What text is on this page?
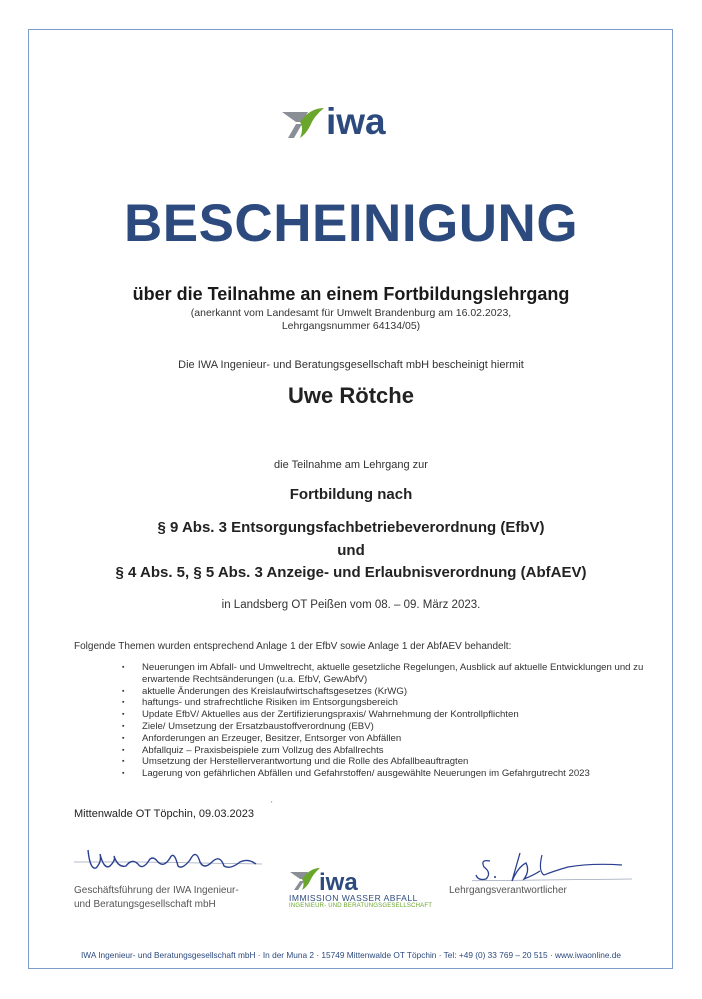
iwa
BESCHEINIGUNG
über die Teilnahme an einem Fortbildungslehrgang
(anerkannt vom Landesamt für Umwelt Brandenburg am 16.02.2023,
Lehrgangsnummer 64134/05)
Die IWA Ingenieur- und Beratungsgesellschaft mbH bescheinigt hiermit
Uwe Rötche
die Teilnahme am Lehrgang zur
Fortbildung nach
§ 9 Abs. 3 Entsorgungsfachbetriebeverordnung (EfbV)
und
§ 4 Abs. 5, § 5 Abs. 3 Anzeige- und Erlaubnisverordnung (AbfAEV)
in Landsberg OT Peißen vom 08. – 09. März 2023.
Folgende Themen wurden entsprechend Anlage 1 der EfbV sowie Anlage 1 der AbfAEV behandelt:
▪ Neuerungen im Abfall- und Umweltrecht, aktuelle gesetzliche Regelungen, Ausblick auf aktuelle Entwicklungen und zu erwartende Rechtsänderungen (u.a. EfbV, GewAbfV)
▪ aktuelle Änderungen des Kreislaufwirtschaftsgesetzes (KrWG)
▪ haftungs- und strafrechtliche Risiken im Entsorgungsbereich
▪ Update EfbV/ Aktuelles aus der Zertifizierungspraxis/ Wahrnehmung der Kontrollpflichten
▪ Ziele/ Umsetzung der Ersatzbaustoffverordnung (EBV)
▪ Anforderungen an Erzeuger, Besitzer, Entsorger von Abfällen
▪ Abfallquiz – Praxisbeispiele zum Vollzug des Abfallrechts
▪ Umsetzung der Herstellerverantwortung und die Rolle des Abfallbeauftragten
▪ Lagerung von gefährlichen Abfällen und Gefahrstoffen/ ausgewählte Neuerungen im Gefahrgutrecht 2023
Mittenwalde OT Töpchin, 09.03.2023
'
Geschäftsführung der IWA Ingenieur-
und Beratungsgesellschaft mbH
iwa
IMMISSION WASSER ABFALL
INGENIEUR- UND BERATUNGSGESELLSCHAFT
Lehrgangsverantwortlicher
IWA Ingenieur- und Beratungsgesellschaft mbH · In der Muna 2 · 15749 Mittenwalde OT Töpchin · Tel: +49 (0) 33 769 – 20 515 · www.iwaonline.de
